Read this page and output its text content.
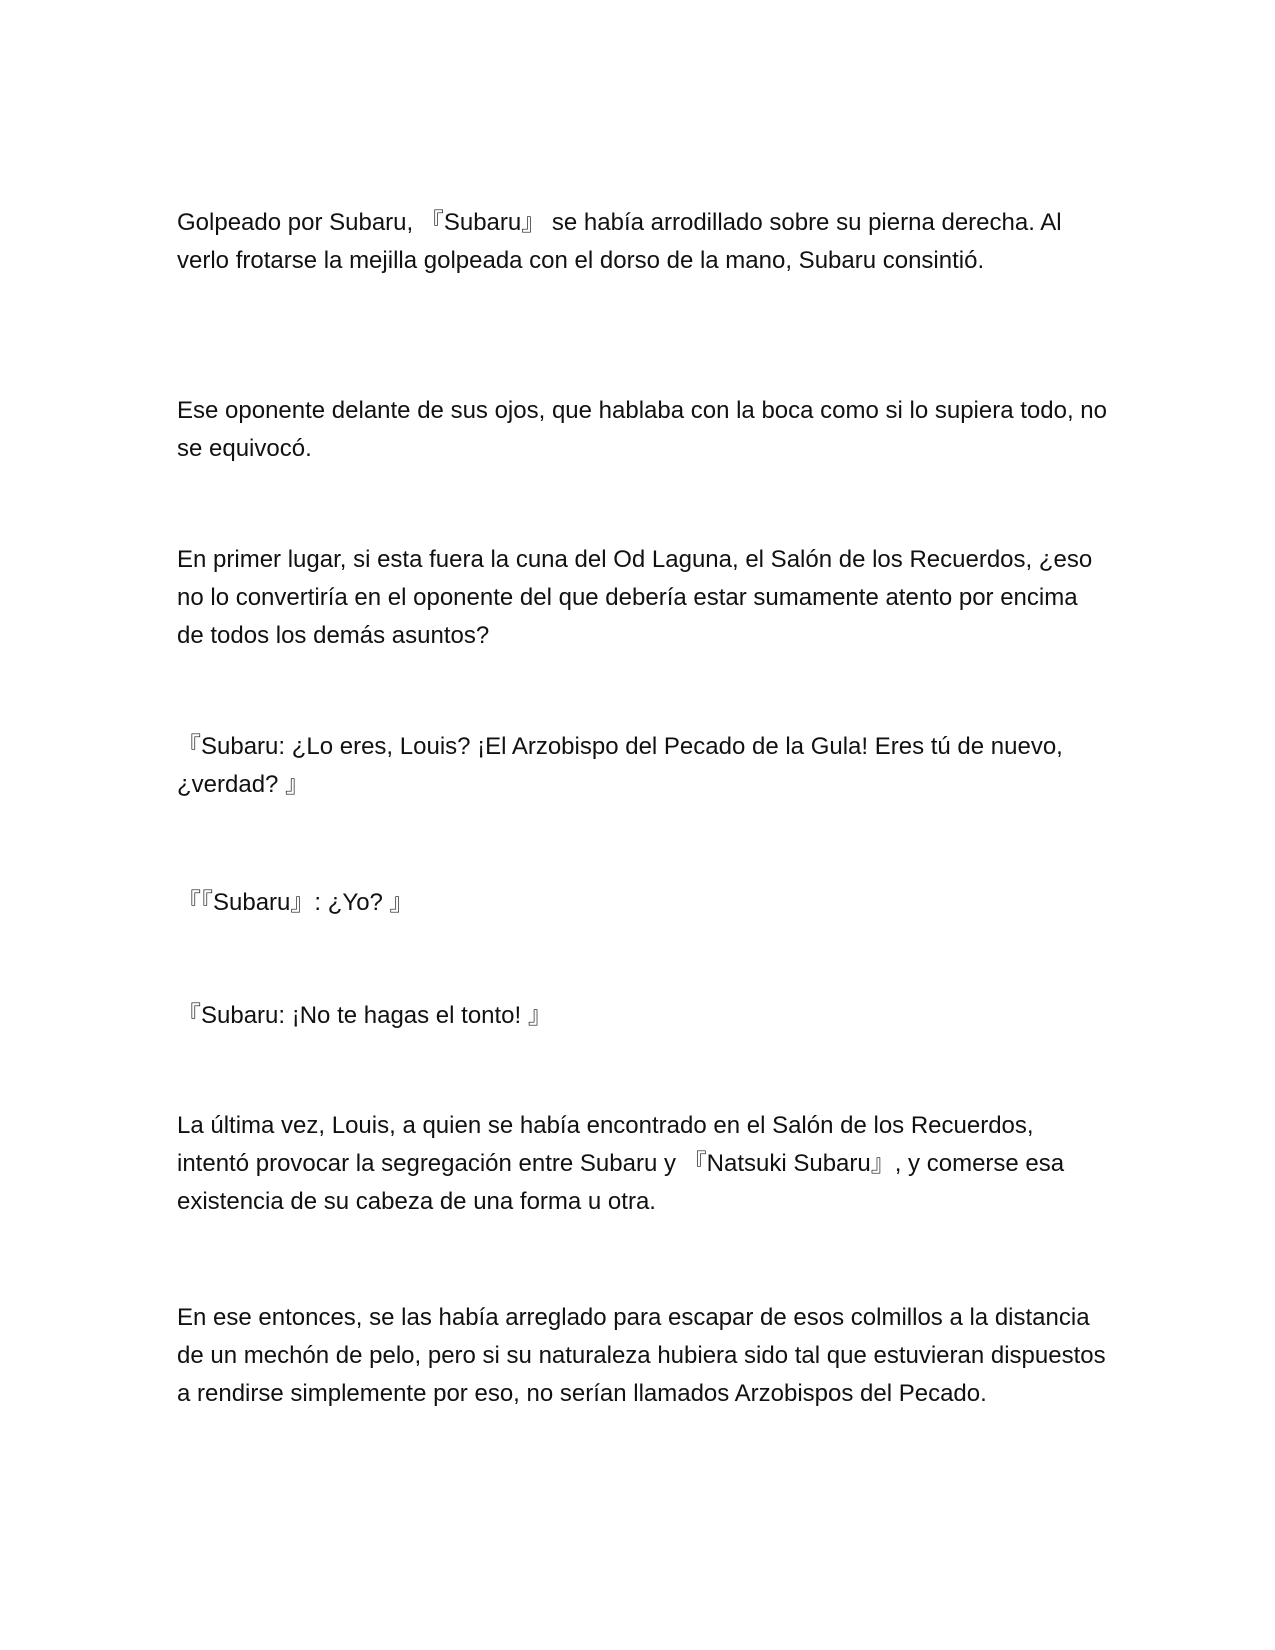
Golpeado por Subaru, 『Subaru』 se había arrodillado sobre su pierna derecha. Al verlo frotarse la mejilla golpeada con el dorso de la mano, Subaru consintió.

Ese oponente delante de sus ojos, que hablaba con la boca como si lo supiera todo, no se equivocó.

En primer lugar, si esta fuera la cuna del Od Laguna, el Salón de los Recuerdos, ¿eso no lo convertiría en el oponente del que debería estar sumamente atento por encima de todos los demás asuntos?

『Subaru: ¿Lo eres, Louis? ¡El Arzobispo del Pecado de la Gula! Eres tú de nuevo, ¿verdad? 』

『『Subaru』: ¿Yo? 』

『Subaru: ¡No te hagas el tonto! 』

La última vez, Louis, a quien se había encontrado en el Salón de los Recuerdos, intentó provocar la segregación entre Subaru y 『Natsuki Subaru』, y comerse esa existencia de su cabeza de una forma u otra.

En ese entonces, se las había arreglado para escapar de esos colmillos a la distancia de un mechón de pelo, pero si su naturaleza hubiera sido tal que estuvieran dispuestos a rendirse simplemente por eso, no serían llamados Arzobispos del Pecado.
